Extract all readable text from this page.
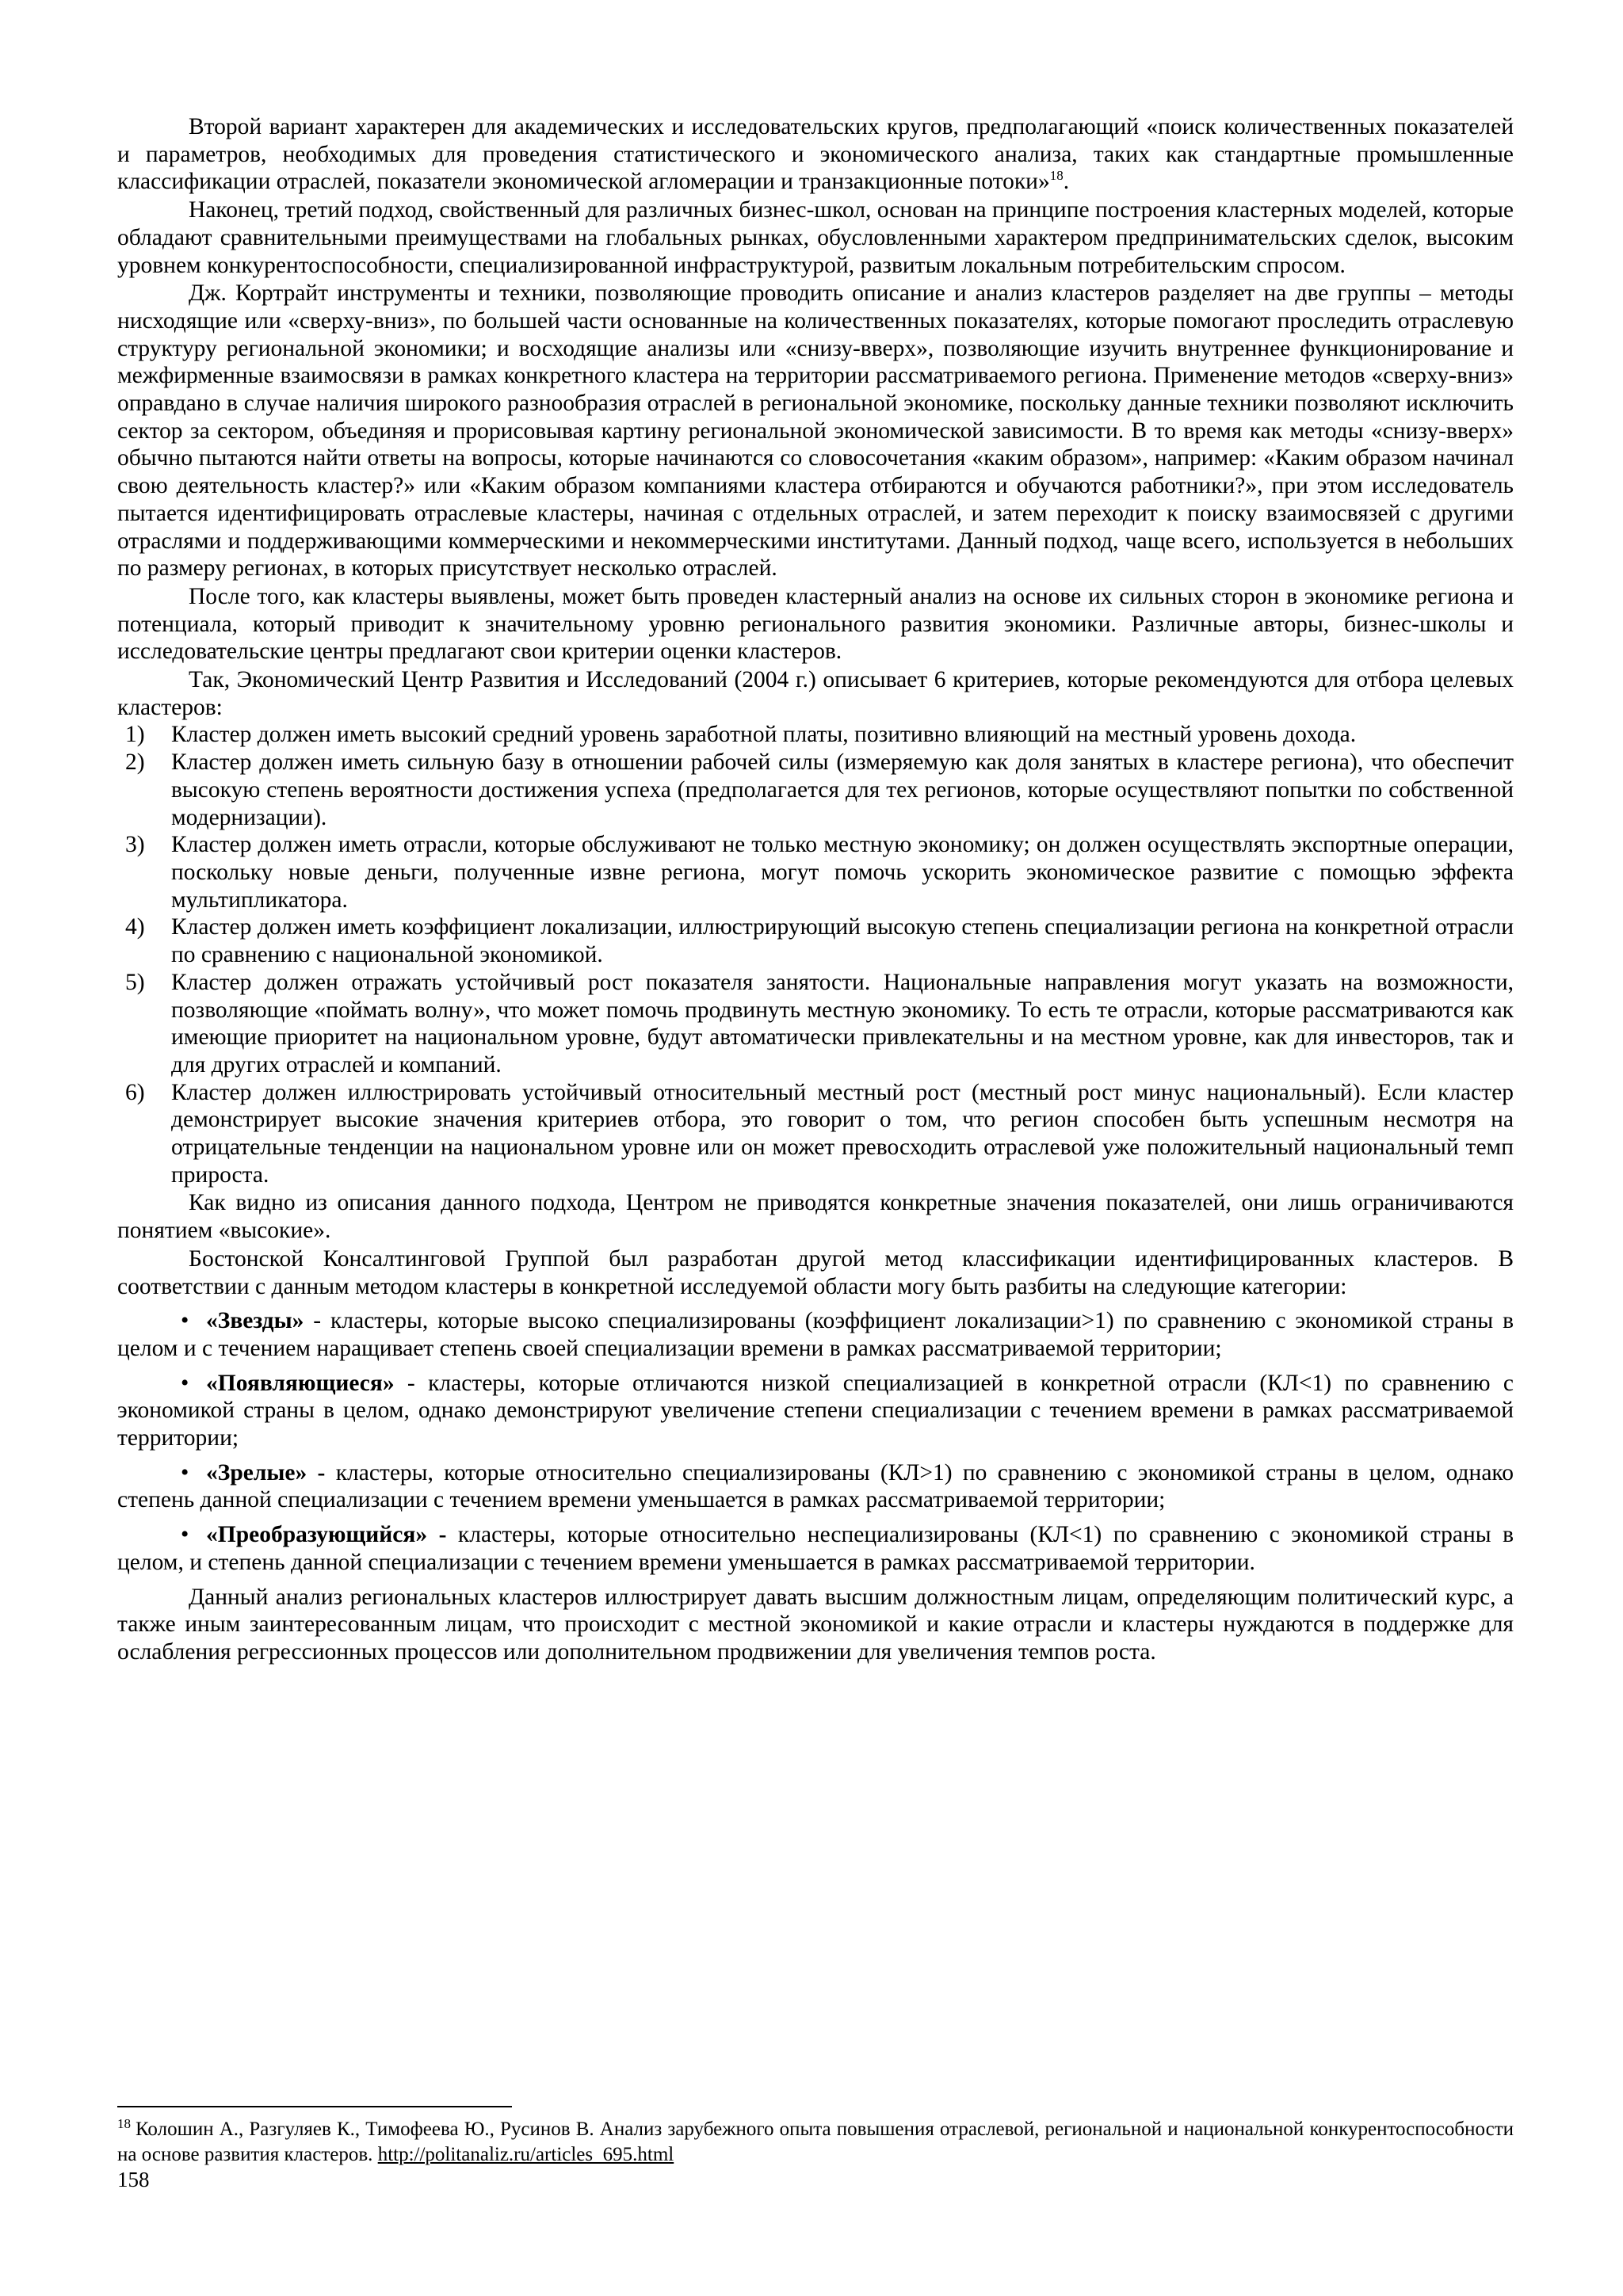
Второй вариант характерен для академических и исследовательских кругов, предполагающий «поиск количественных показателей и параметров, необходимых для проведения статистического и экономического анализа, таких как стандартные промышленные классификации отраслей, показатели экономической агломерации и транзакционные потоки»$^{18}$.

Наконец, третий подход, свойственный для различных бизнес-школ, основан на принципе построения кластерных моделей, которые обладают сравнительными преимуществами на глобальных рынках, обусловленными характером предпринимательских сделок, высоким уровнем конкурентоспособности, специализированной инфраструктурой, развитым локальным потребительским спросом.

Дж. Кортрайт инструменты и техники, позволяющие проводить описание и анализ кластеров разделяет на две группы – методы нисходящие или «сверху-вниз», по большей части основанные на количественных показателях, которые помогают проследить отраслевую структуру региональной экономики; и восходящие анализы или «снизу-вверх», позволяющие изучить внутреннее функционирование и межфирменные взаимосвязи в рамках конкретного кластера на территории рассматриваемого региона. Применение методов «сверху-вниз» оправдано в случае наличия широкого разнообразия отраслей в региональной экономике, поскольку данные техники позволяют исключить сектор за сектором, объединяя и прорисовывая картину региональной экономической зависимости. В то время как методы «снизу-вверх» обычно пытаются найти ответы на вопросы, которые начинаются со словосочетания «каким образом», например: «Каким образом начинал свою деятельность кластер?» или «Каким образом компаниями кластера отбираются и обучаются работники?», при этом исследователь пытается идентифицировать отраслевые кластеры, начиная с отдельных отраслей, и затем переходит к поиску взаимосвязей с другими отраслями и поддерживающими коммерческими и некоммерческими институтами. Данный подход, чаще всего, используется в небольших по размеру регионах, в которых присутствует несколько отраслей.

После того, как кластеры выявлены, может быть проведен кластерный анализ на основе их сильных сторон в экономике региона и потенциала, который приводит к значительному уровню регионального развития экономики. Различные авторы, бизнес-школы и исследовательские центры предлагают свои критерии оценки кластеров.

Так, Экономический Центр Развития и Исследований (2004 г.) описывает 6 критериев, которые рекомендуются для отбора целевых кластеров:

1) Кластер должен иметь высокий средний уровень заработной платы, позитивно влияющий на местный уровень дохода.
2) Кластер должен иметь сильную базу в отношении рабочей силы (измеряемую как доля занятых в кластере региона), что обеспечит высокую степень вероятности достижения успеха (предполагается для тех регионов, которые осуществляют попытки по собственной модернизации).
3) Кластер должен иметь отрасли, которые обслуживают не только местную экономику; он должен осуществлять экспортные операции, поскольку новые деньги, полученные извне региона, могут помочь ускорить экономическое развитие с помощью эффекта мультипликатора.
4) Кластер должен иметь коэффициент локализации, иллюстрирующий высокую степень специализации региона на конкретной отрасли по сравнению с национальной экономикой.
5) Кластер должен отражать устойчивый рост показателя занятости. Национальные направления могут указать на возможности, позволяющие «поймать волну», что может помочь продвинуть местную экономику. То есть те отрасли, которые рассматриваются как имеющие приоритет на национальном уровне, будут автоматически привлекательны и на местном уровне, как для инвесторов, так и для других отраслей и компаний.
6) Кластер должен иллюстрировать устойчивый относительный местный рост (местный рост минус национальный). Если кластер демонстрирует высокие значения критериев отбора, это говорит о том, что регион способен быть успешным несмотря на отрицательные тенденции на национальном уровне или он может превосходить отраслевой уже положительный национальный темп прироста.

Как видно из описания данного подхода, Центром не приводятся конкретные значения показателей, они лишь ограничиваются понятием «высокие».

Бостонской Консалтинговой Группой был разработан другой метод классификации идентифицированных кластеров. В соответствии с данным методом кластеры в конкретной исследуемой области могу быть разбиты на следующие категории:

• «Звезды» - кластеры, которые высоко специализированы (коэффициент локализации>1) по сравнению с экономикой страны в целом и с течением наращивает степень своей специализации времени в рамках рассматриваемой территории;

• «Появляющиеся» - кластеры, которые отличаются низкой специализацией в конкретной отрасли (КЛ<1) по сравнению с экономикой страны в целом, однако демонстрируют увеличение степени специализации с течением времени в рамках рассматриваемой территории;

• «Зрелые» - кластеры, которые относительно специализированы (КЛ>1) по сравнению с экономикой страны в целом, однако степень данной специализации с течением времени уменьшается в рамках рассматриваемой территории;

• «Преобразующийся» - кластеры, которые относительно неспециализированы (КЛ<1) по сравнению с экономикой страны в целом, и степень данной специализации с течением времени уменьшается в рамках рассматриваемой территории.

Данный анализ региональных кластеров иллюстрирует давать высшим должностным лицам, определяющим политический курс, а также иным заинтересованным лицам, что происходит с местной экономикой и какие отрасли и кластеры нуждаются в поддержке для ослабления регрессионных процессов или дополнительном продвижении для увеличения темпов роста.

$^{18}$ Колошин А., Разгуляев К., Тимофеева Ю., Русинов В. Анализ зарубежного опыта повышения отраслевой, региональной и национальной конкурентоспособности на основе развития кластеров. http://politanaliz.ru/articles_695.html
158
